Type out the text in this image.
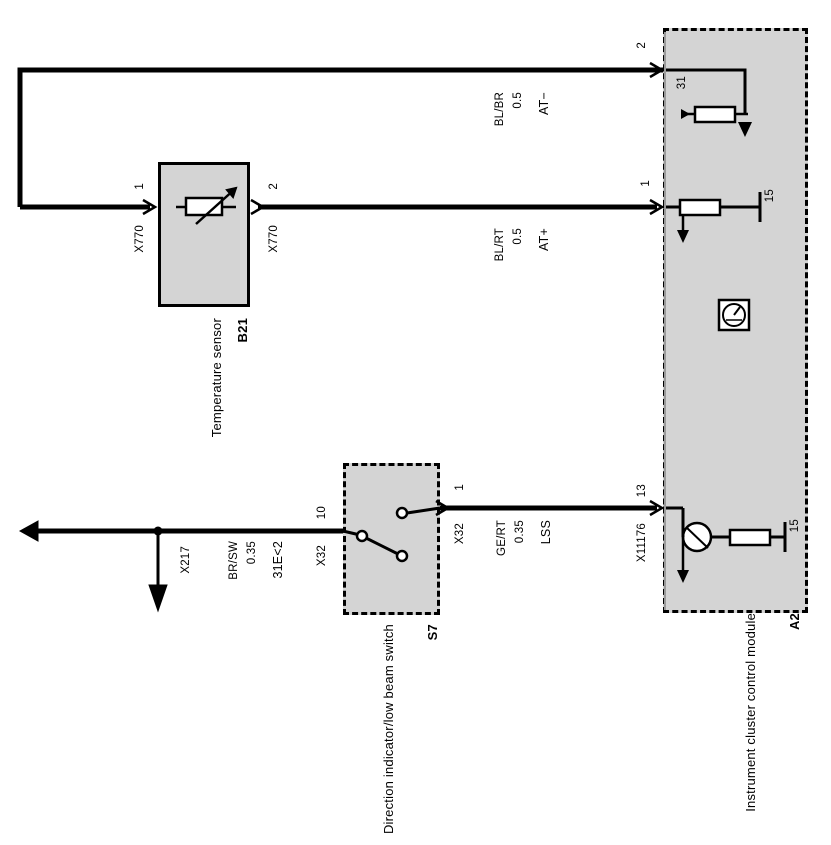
AT−
0.5
BL/BR
AT+
0.5
BL/RT
LSS
0.35
GE/RT
31E<2
0.35
BR/SW
X217
1
X770
2
X770
B21
Temperature sensor
10
X32
1
X32
S7
Direction indicator/low beam switch
2
1
13
X11176
31
15
15
A2
Instrument cluster control module
